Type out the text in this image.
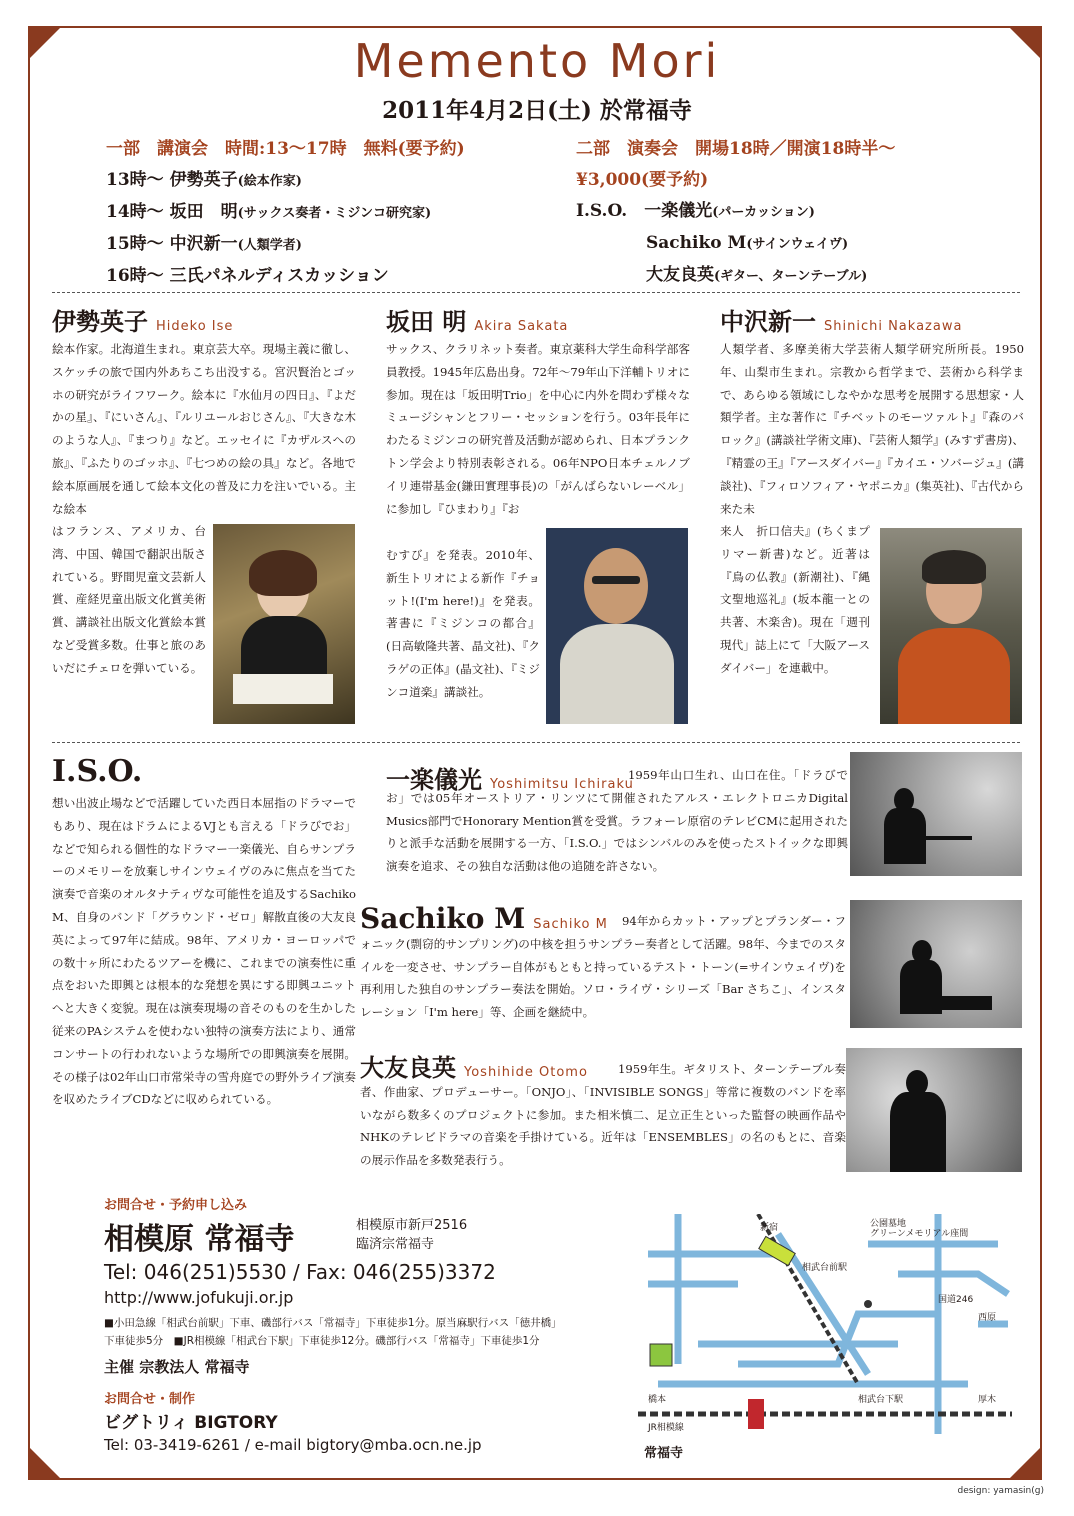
Memento Mori
2011年4月2日(土) 於常福寺
一部　講演会　時間:13〜17時　無料(要予約)
13時〜 伊勢英子(絵本作家)
14時〜 坂田　明(サックス奏者・ミジンコ研究家)
15時〜 中沢新一(人類学者)
16時〜 三氏パネルディスカッション
二部　演奏会　開場18時／開演18時半〜
¥3,000(要予約)
I.S.O.　 一楽儀光(パーカッション)
Sachiko M(サインウェイヴ)
大友良英(ギター、ターンテーブル)
伊勢英子 Hideko Ise
絵本作家。北海道生まれ。東京芸大卒。現場主義に徹し、スケッチの旅で国内外あちこち出没する。宮沢賢治とゴッホの研究がライフワーク。絵本に『水仙月の四日』、『よだかの星』、『にいさん』、『ルリユールおじさん』、『大きな木のような人』、『まつり』など。エッセイに『カザルスへの旅』、『ふたりのゴッホ』、『七つめの絵の具』など。各地で絵本原画展を通して絵本文化の普及に力を注いでいる。主な絵本
はフランス、アメリカ、台湾、中国、韓国で翻訳出版されている。野間児童文芸新人賞、産経児童出版文化賞美術賞、講談社出版文化賞絵本賞など受賞多数。仕事と旅のあいだにチェロを弾いている。
坂田 明 Akira Sakata
サックス、クラリネット奏者。東京薬科大学生命科学部客員教授。1945年広島出身。72年〜79年山下洋輔トリオに参加。現在は「坂田明Trio」を中心に内外を問わず様々なミュージシャンとフリー・セッションを行う。03年長年にわたるミジンコの研究普及活動が認められ、日本プランクトン学会より特別表彰される。06年NPO日本チェルノブイリ連帯基金(鎌田實理事長)の「がんばらないレーベル」に参加し『ひまわり』『お
むすび』を発表。2010年、新生トリオによる新作『チョット!(I'm here!)』を発表。著書に『ミジンコの都合』(日高敏隆共著、晶文社)、『クラゲの正体』(晶文社)、『ミジンコ道楽』講談社。
中沢新一 Shinichi Nakazawa
人類学者、多摩美術大学芸術人類学研究所所長。1950年、山梨市生まれ。宗教から哲学まで、芸術から科学まで、あらゆる領域にしなやかな思考を展開する思想家・人類学者。主な著作に『チベットのモーツァルト』『森のバロック』(講談社学術文庫)、『芸術人類学』(みすず書房)、『精霊の王』『アースダイバー』『カイエ・ソバージュ』(講談社)、『フィロソフィア・ヤポニカ』(集英社)、『古代から来た未
来人　折口信夫』(ちくまプリマー新書)など。近著は『鳥の仏教』(新潮社)、『縄文聖地巡礼』(坂本龍一との共著、木楽舎)。現在「週刊現代」誌上にて「大阪アースダイバー」を連載中。
I.S.O.
想い出波止場などで活躍していた西日本屈指のドラマーでもあり、現在はドラムによるVJとも言える「ドラびでお」などで知られる個性的なドラマー一楽儀光、自らサンプラーのメモリーを放棄しサインウェイヴのみに焦点を当てた演奏で音楽のオルタナティヴな可能性を追及するSachiko M、自身のバンド「グラウンド・ゼロ」解散直後の大友良英によって97年に結成。98年、アメリカ・ヨーロッパでの数十ヶ所にわたるツアーを機に、これまでの演奏性に重点をおいた即興とは根本的な発想を異にする即興ユニットへと大きく変貌。現在は演奏現場の音そのものを生かした従来のPAシステムを使わない独特の演奏方法により、通常コンサートの行われないような場所での即興演奏を展開。その様子は02年山口市常栄寺の雪舟庭での野外ライブ演奏を収めたライブCDなどに収められている。
一楽儀光 Yoshimitsu Ichiraku
1959年山口生れ、山口在住。「ドラびでお」では05年オーストリア・リンツにて開催されたアルス・エレクトロニカDigital Musics部門でHonorary Mention賞を受賞。ラフォーレ原宿のテレビCMに起用されたりと派手な活動を展開する一方、「I.S.O.」ではシンバルのみを使ったストイックな即興演奏を追求、その独自な活動は他の追随を許さない。
Sachiko M Sachiko M	94年からカット・アップとプランダー・フォニック(剽窃的サンプリング)の中核を担うサンプラー奏者として活躍。98年、今までのスタイルを一変させ、サンプラー自体がもともと持っているテスト・トーン(=サインウェイヴ)を再利用した独自のサンプラー奏法を開始。ソロ・ライヴ・シリーズ「Bar さちこ」、インスタレーション「I'm here」等、企画を継続中。
大友良英 Yoshihide Otomo	1959年生。ギタリスト、ターンテーブル奏者、作曲家、プロデューサー。「ONJO」、「INVISIBLE SONGS」等常に複数のバンドを率いながら数多くのプロジェクトに参加。また相米慎二、足立正生といった監督の映画作品やNHKのテレビドラマの音楽を手掛けている。近年は「ENSEMBLES」の名のもとに、音楽の展示作品を多数発表行う。
お問合せ・予約申し込み
相模原 常福寺	相模原市新戸2516
臨済宗常福寺
Tel: 046(251)5530 / Fax: 046(255)3372
http://www.jofukuji.or.jp
■小田急線「相武台前駅」下車、磯部行バス「常福寺」下車徒歩1分。原当麻駅行バス「徳井橋」
下車徒歩5分　■JR相模線「相武台下駅」下車徒歩12分。磯部行バス「常福寺」下車徒歩1分
主催 宗教法人 常福寺
お問合せ・制作
ビグトリィ BIGTORY
Tel: 03-3419-6261 / e-mail bigtory@mba.ocn.ne.jp	常福寺
公園墓地
グリーンメモリアル座間
新宿
相武台前駅
国道246
西原
橋本	相武台下駅	厚木
JR相模線
design: yamasin(g)
